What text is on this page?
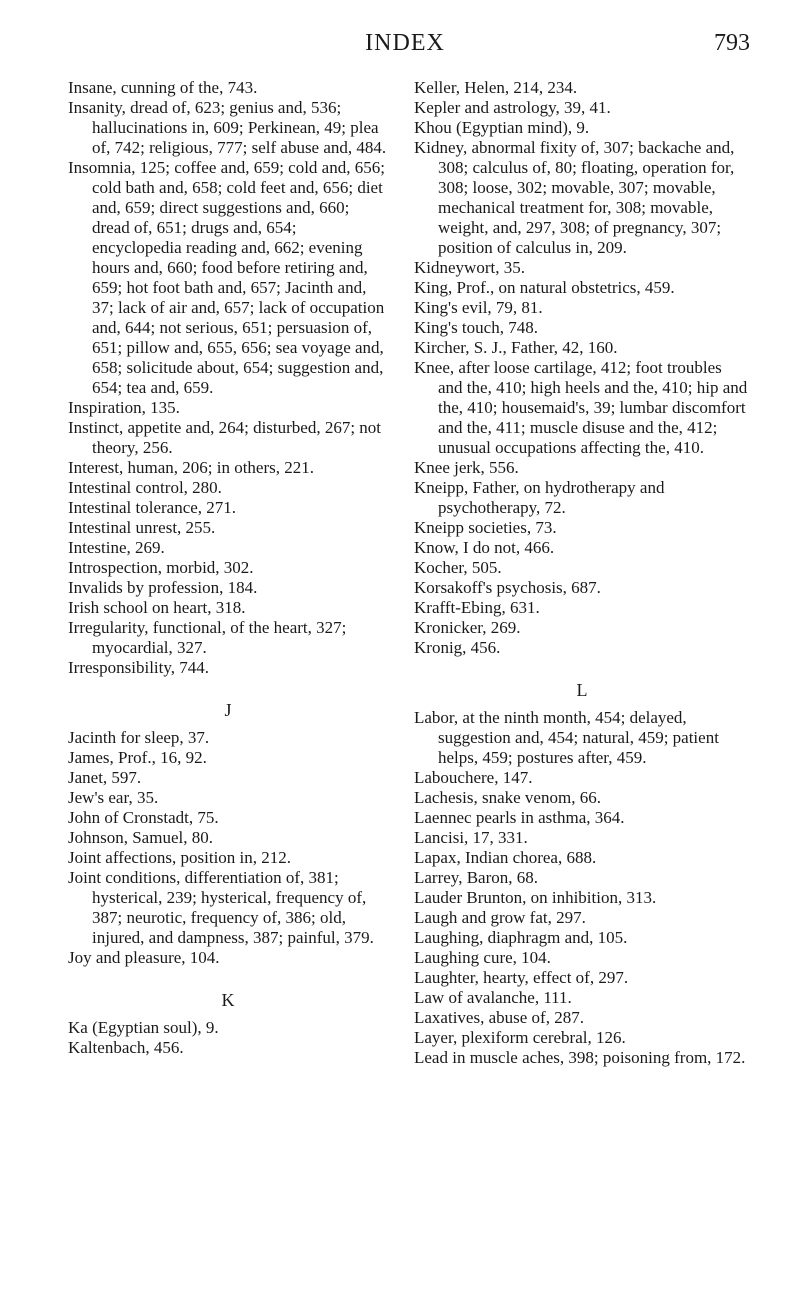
INDEX	793
Insane, cunning of the, 743.
Insanity, dread of, 623; genius and, 536; hallucinations in, 609; Perkinean, 49; plea of, 742; religious, 777; self abuse and, 484.
Insomnia, 125; coffee and, 659; cold and, 656; cold bath and, 658; cold feet and, 656; diet and, 659; direct suggestions and, 660; dread of, 651; drugs and, 654; encyclopedia reading and, 662; evening hours and, 660; food before retiring and, 659; hot foot bath and, 657; Jacinth and, 37; lack of air and, 657; lack of occupation and, 644; not serious, 651; persuasion of, 651; pillow and, 655, 656; sea voyage and, 658; solicitude about, 654; suggestion and, 654; tea and, 659.
Inspiration, 135.
Instinct, appetite and, 264; disturbed, 267; not theory, 256.
Interest, human, 206; in others, 221.
Intestinal control, 280.
Intestinal tolerance, 271.
Intestinal unrest, 255.
Intestine, 269.
Introspection, morbid, 302.
Invalids by profession, 184.
Irish school on heart, 318.
Irregularity, functional, of the heart, 327; myocardial, 327.
Irresponsibility, 744.
J
Jacinth for sleep, 37.
James, Prof., 16, 92.
Janet, 597.
Jew's ear, 35.
John of Cronstadt, 75.
Johnson, Samuel, 80.
Joint affections, position in, 212.
Joint conditions, differentiation of, 381; hysterical, 239; hysterical, frequency of, 387; neurotic, frequency of, 386; old, injured, and dampness, 387; painful, 379.
Joy and pleasure, 104.
K
Ka (Egyptian soul), 9.
Kaltenbach, 456.
Keller, Helen, 214, 234.
Kepler and astrology, 39, 41.
Khou (Egyptian mind), 9.
Kidney, abnormal fixity of, 307; backache and, 308; calculus of, 80; floating, operation for, 308; loose, 302; movable, 307; movable, mechanical treatment for, 308; movable, weight, and, 297, 308; of pregnancy, 307; position of calculus in, 209.
Kidneywort, 35.
King, Prof., on natural obstetrics, 459.
King's evil, 79, 81.
King's touch, 748.
Kircher, S. J., Father, 42, 160.
Knee, after loose cartilage, 412; foot troubles and the, 410; high heels and the, 410; hip and the, 410; housemaid's, 39; lumbar discomfort and the, 411; muscle disuse and the, 412; unusual occupations affecting the, 410.
Knee jerk, 556.
Kneipp, Father, on hydrotherapy and psychotherapy, 72.
Kneipp societies, 73.
Know, I do not, 466.
Kocher, 505.
Korsakoff's psychosis, 687.
Krafft-Ebing, 631.
Kronicker, 269.
Kronig, 456.
L
Labor, at the ninth month, 454; delayed, suggestion and, 454; natural, 459; patient helps, 459; postures after, 459.
Labouchere, 147.
Lachesis, snake venom, 66.
Laennec pearls in asthma, 364.
Lancisi, 17, 331.
Lapax, Indian chorea, 688.
Larrey, Baron, 68.
Lauder Brunton, on inhibition, 313.
Laugh and grow fat, 297.
Laughing, diaphragm and, 105.
Laughing cure, 104.
Laughter, hearty, effect of, 297.
Law of avalanche, 111.
Laxatives, abuse of, 287.
Layer, plexiform cerebral, 126.
Lead in muscle aches, 398; poisoning from, 172.
